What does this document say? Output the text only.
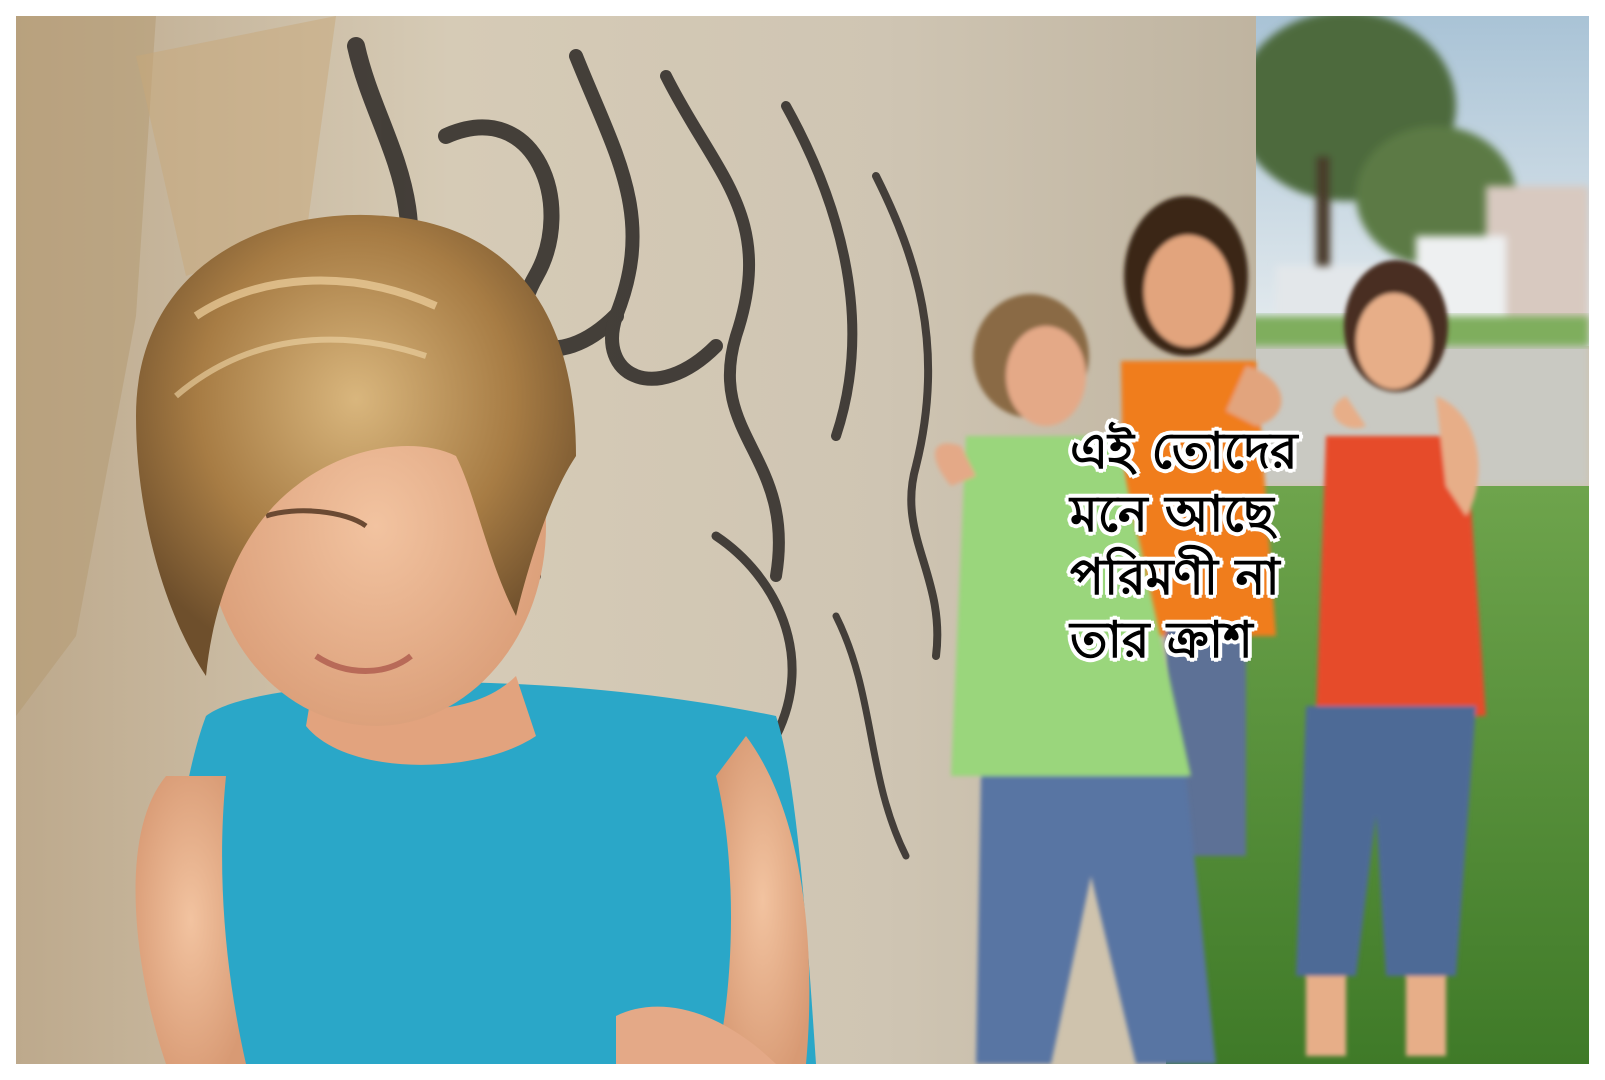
এই তোদের
মনে আছে
পরিমণী না
তার ক্রাশ
